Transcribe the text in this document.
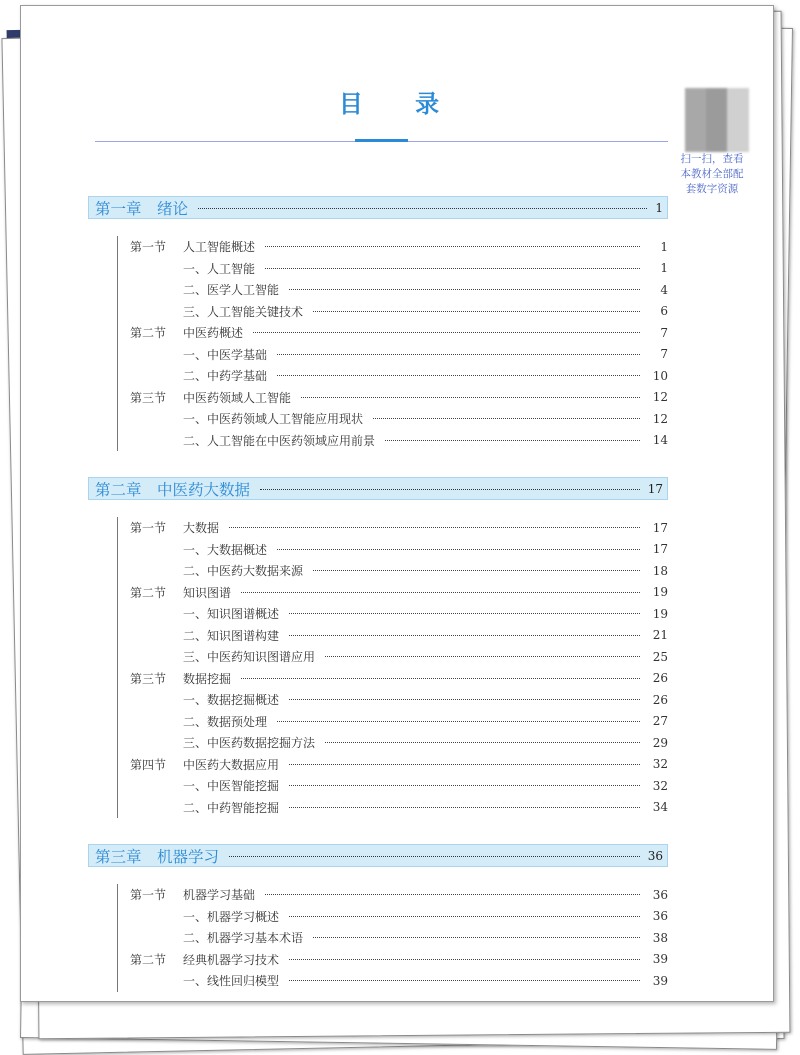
目 录
扫一扫，查看本教材全部配套数字资源
第一章　绪论	1
第一节	人工智能概述	1
一、人工智能	1
二、医学人工智能	4
三、人工智能关键技术	6
第二节	中医药概述	7
一、中医学基础	7
二、中药学基础	10
第三节	中医药领域人工智能	12
一、中医药领域人工智能应用现状	12
二、人工智能在中医药领域应用前景	14
第二章　中医药大数据	17
第一节	大数据	17
一、大数据概述	17
二、中医药大数据来源	18
第二节	知识图谱	19
一、知识图谱概述	19
二、知识图谱构建	21
三、中医药知识图谱应用	25
第三节	数据挖掘	26
一、数据挖掘概述	26
二、数据预处理	27
三、中医药数据挖掘方法	29
第四节	中医药大数据应用	32
一、中医智能挖掘	32
二、中药智能挖掘	34
第三章　机器学习	36
第一节	机器学习基础	36
一、机器学习概述	36
二、机器学习基本术语	38
第二节	经典机器学习技术	39
一、线性回归模型	39
